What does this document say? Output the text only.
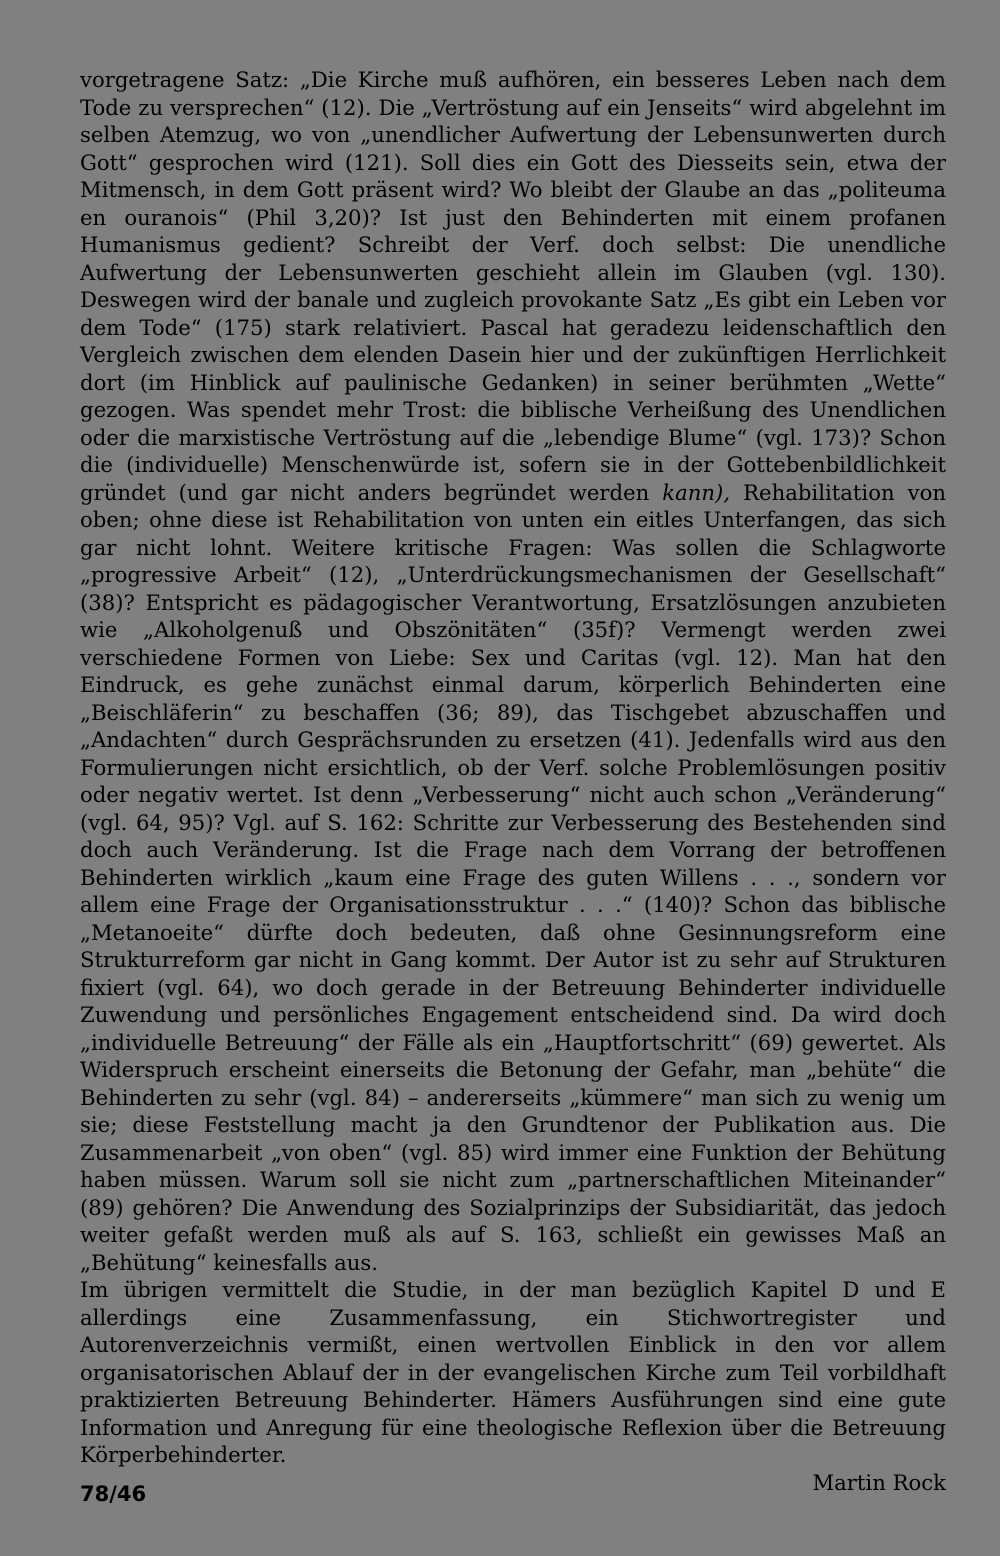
vorgetragene Satz: „Die Kirche muß aufhören, ein besseres Leben nach dem Tode zu versprechen“ (12). Die „Vertröstung auf ein Jenseits“ wird abgelehnt im selben Atemzug, wo von „unendlicher Aufwertung der Lebensunwerten durch Gott“ gesprochen wird (121). Soll dies ein Gott des Diesseits sein, etwa der Mitmensch, in dem Gott präsent wird? Wo bleibt der Glaube an das „politeuma en ouranois“ (Phil 3,20)? Ist just den Behinderten mit einem profanen Humanismus gedient? Schreibt der Verf. doch selbst: Die unendliche Aufwertung der Lebensunwerten geschieht allein im Glauben (vgl. 130). Deswegen wird der banale und zugleich provokante Satz „Es gibt ein Leben vor dem Tode“ (175) stark relativiert. Pascal hat geradezu leidenschaftlich den Vergleich zwischen dem elenden Dasein hier und der zukünftigen Herrlichkeit dort (im Hinblick auf paulinische Gedanken) in seiner berühmten „Wette“ gezogen. Was spendet mehr Trost: die biblische Verheißung des Unendlichen oder die marxistische Vertröstung auf die „lebendige Blume“ (vgl. 173)? Schon die (individuelle) Menschenwürde ist, sofern sie in der Gottebenbildlichkeit gründet (und gar nicht anders begründet werden kann), Rehabilitation von oben; ohne diese ist Rehabilitation von unten ein eitles Unterfangen, das sich gar nicht lohnt. Weitere kritische Fragen: Was sollen die Schlagworte „progressive Arbeit“ (12), „Unterdrückungsmechanismen der Gesellschaft“ (38)? Entspricht es pädagogischer Verantwortung, Ersatzlösungen anzubieten wie „Alkoholgenuß und Obszönitäten“ (35f)? Vermengt werden zwei verschiedene Formen von Liebe: Sex und Caritas (vgl. 12). Man hat den Eindruck, es gehe zunächst einmal darum, körperlich Behinderten eine „Beischläferin“ zu beschaffen (36; 89), das Tischgebet abzuschaffen und „Andachten“ durch Gesprächsrunden zu ersetzen (41). Jedenfalls wird aus den Formulierungen nicht ersichtlich, ob der Verf. solche Problemlösungen positiv oder negativ wertet. Ist denn „Verbesserung“ nicht auch schon „Veränderung“ (vgl. 64, 95)? Vgl. auf S. 162: Schritte zur Verbesserung des Bestehenden sind doch auch Veränderung. Ist die Frage nach dem Vorrang der betroffenen Behinderten wirklich „kaum eine Frage des guten Willens . . ., sondern vor allem eine Frage der Organisationsstruktur . . .“ (140)? Schon das biblische „Metanoeite“ dürfte doch bedeuten, daß ohne Gesinnungsreform eine Strukturreform gar nicht in Gang kommt. Der Autor ist zu sehr auf Strukturen fixiert (vgl. 64), wo doch gerade in der Betreuung Behinderter individuelle Zuwendung und persönliches Engagement entscheidend sind. Da wird doch „individuelle Betreuung“ der Fälle als ein „Hauptfortschritt“ (69) gewertet. Als Widerspruch erscheint einerseits die Betonung der Gefahr, man „behüte“ die Behinderten zu sehr (vgl. 84) – andererseits „kümmere“ man sich zu wenig um sie; diese Feststellung macht ja den Grundtenor der Publikation aus. Die Zusammenarbeit „von oben“ (vgl. 85) wird immer eine Funktion der Behütung haben müssen. Warum soll sie nicht zum „partnerschaftlichen Miteinander“ (89) gehören? Die Anwendung des Sozialprinzips der Subsidiarität, das jedoch weiter gefaßt werden muß als auf S. 163, schließt ein gewisses Maß an „Behütung“ keinesfalls aus.

Im übrigen vermittelt die Studie, in der man bezüglich Kapitel D und E allerdings eine Zusammenfassung, ein Stichwortregister und Autorenverzeichnis vermißt, einen wertvollen Einblick in den vor allem organisatorischen Ablauf der in der evangelischen Kirche zum Teil vorbildhaft praktizierten Betreuung Behinderter. Hämers Ausführungen sind eine gute Information und Anregung für eine theologische Reflexion über die Betreuung Körperbehinderter.

Martin Rock

78/46
